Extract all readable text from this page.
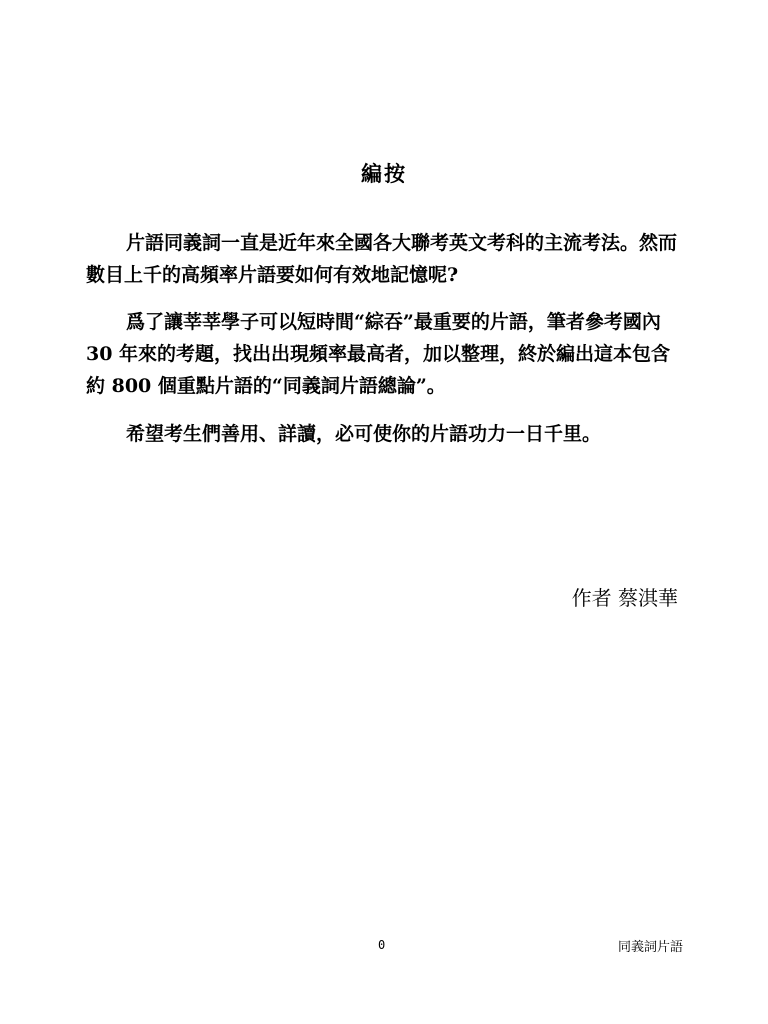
編按

片語同義詞一直是近年來全國各大聯考英文考科的主流考法。然而數目上千的高頻率片語要如何有效地記憶呢?

爲了讓莘莘學子可以短時間“綜吞”最重要的片語，筆者參考國內 30 年來的考題，找出出現頻率最高者，加以整理，終於編出這本包含約 800 個重點片語的“同義詞片語總論”。

希望考生們善用、詳讀，必可使你的片語功力一日千里。

作者 蔡淇華
0	同義詞片語
